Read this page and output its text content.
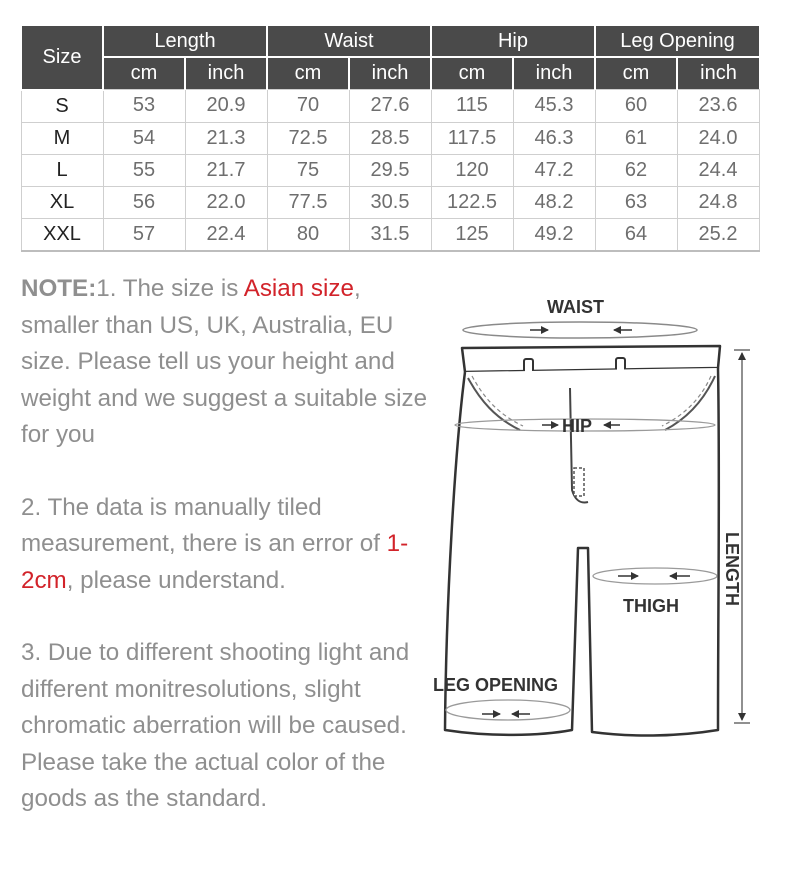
Size	Length		Waist		Hip		Leg Opening	
	cm	inch	cm	inch	cm	inch	cm	inch
S	53	20.9	70	27.6	115	45.3	60	23.6
M	54	21.3	72.5	28.5	117.5	46.3	61	24.0
L	55	21.7	75	29.5	120	47.2	62	24.4
XL	56	22.0	77.5	30.5	122.5	48.2	63	24.8
XXL	57	22.4	80	31.5	125	49.2	64	25.2

NOTE:1. The size is Asian size, smaller than US, UK, Australia, EU size. Please tell us your height and weight and we suggest a suitable size for you

2. The data is manually tiled measurement, there is an error of 1-2cm, please understand.

3. Due to different shooting light and different monitresolutions, slight chromatic aberration will be caused. Please take the actual color of the goods as the standard.

WAIST
HIP
THIGH
LEG OPENING
LENGTH
